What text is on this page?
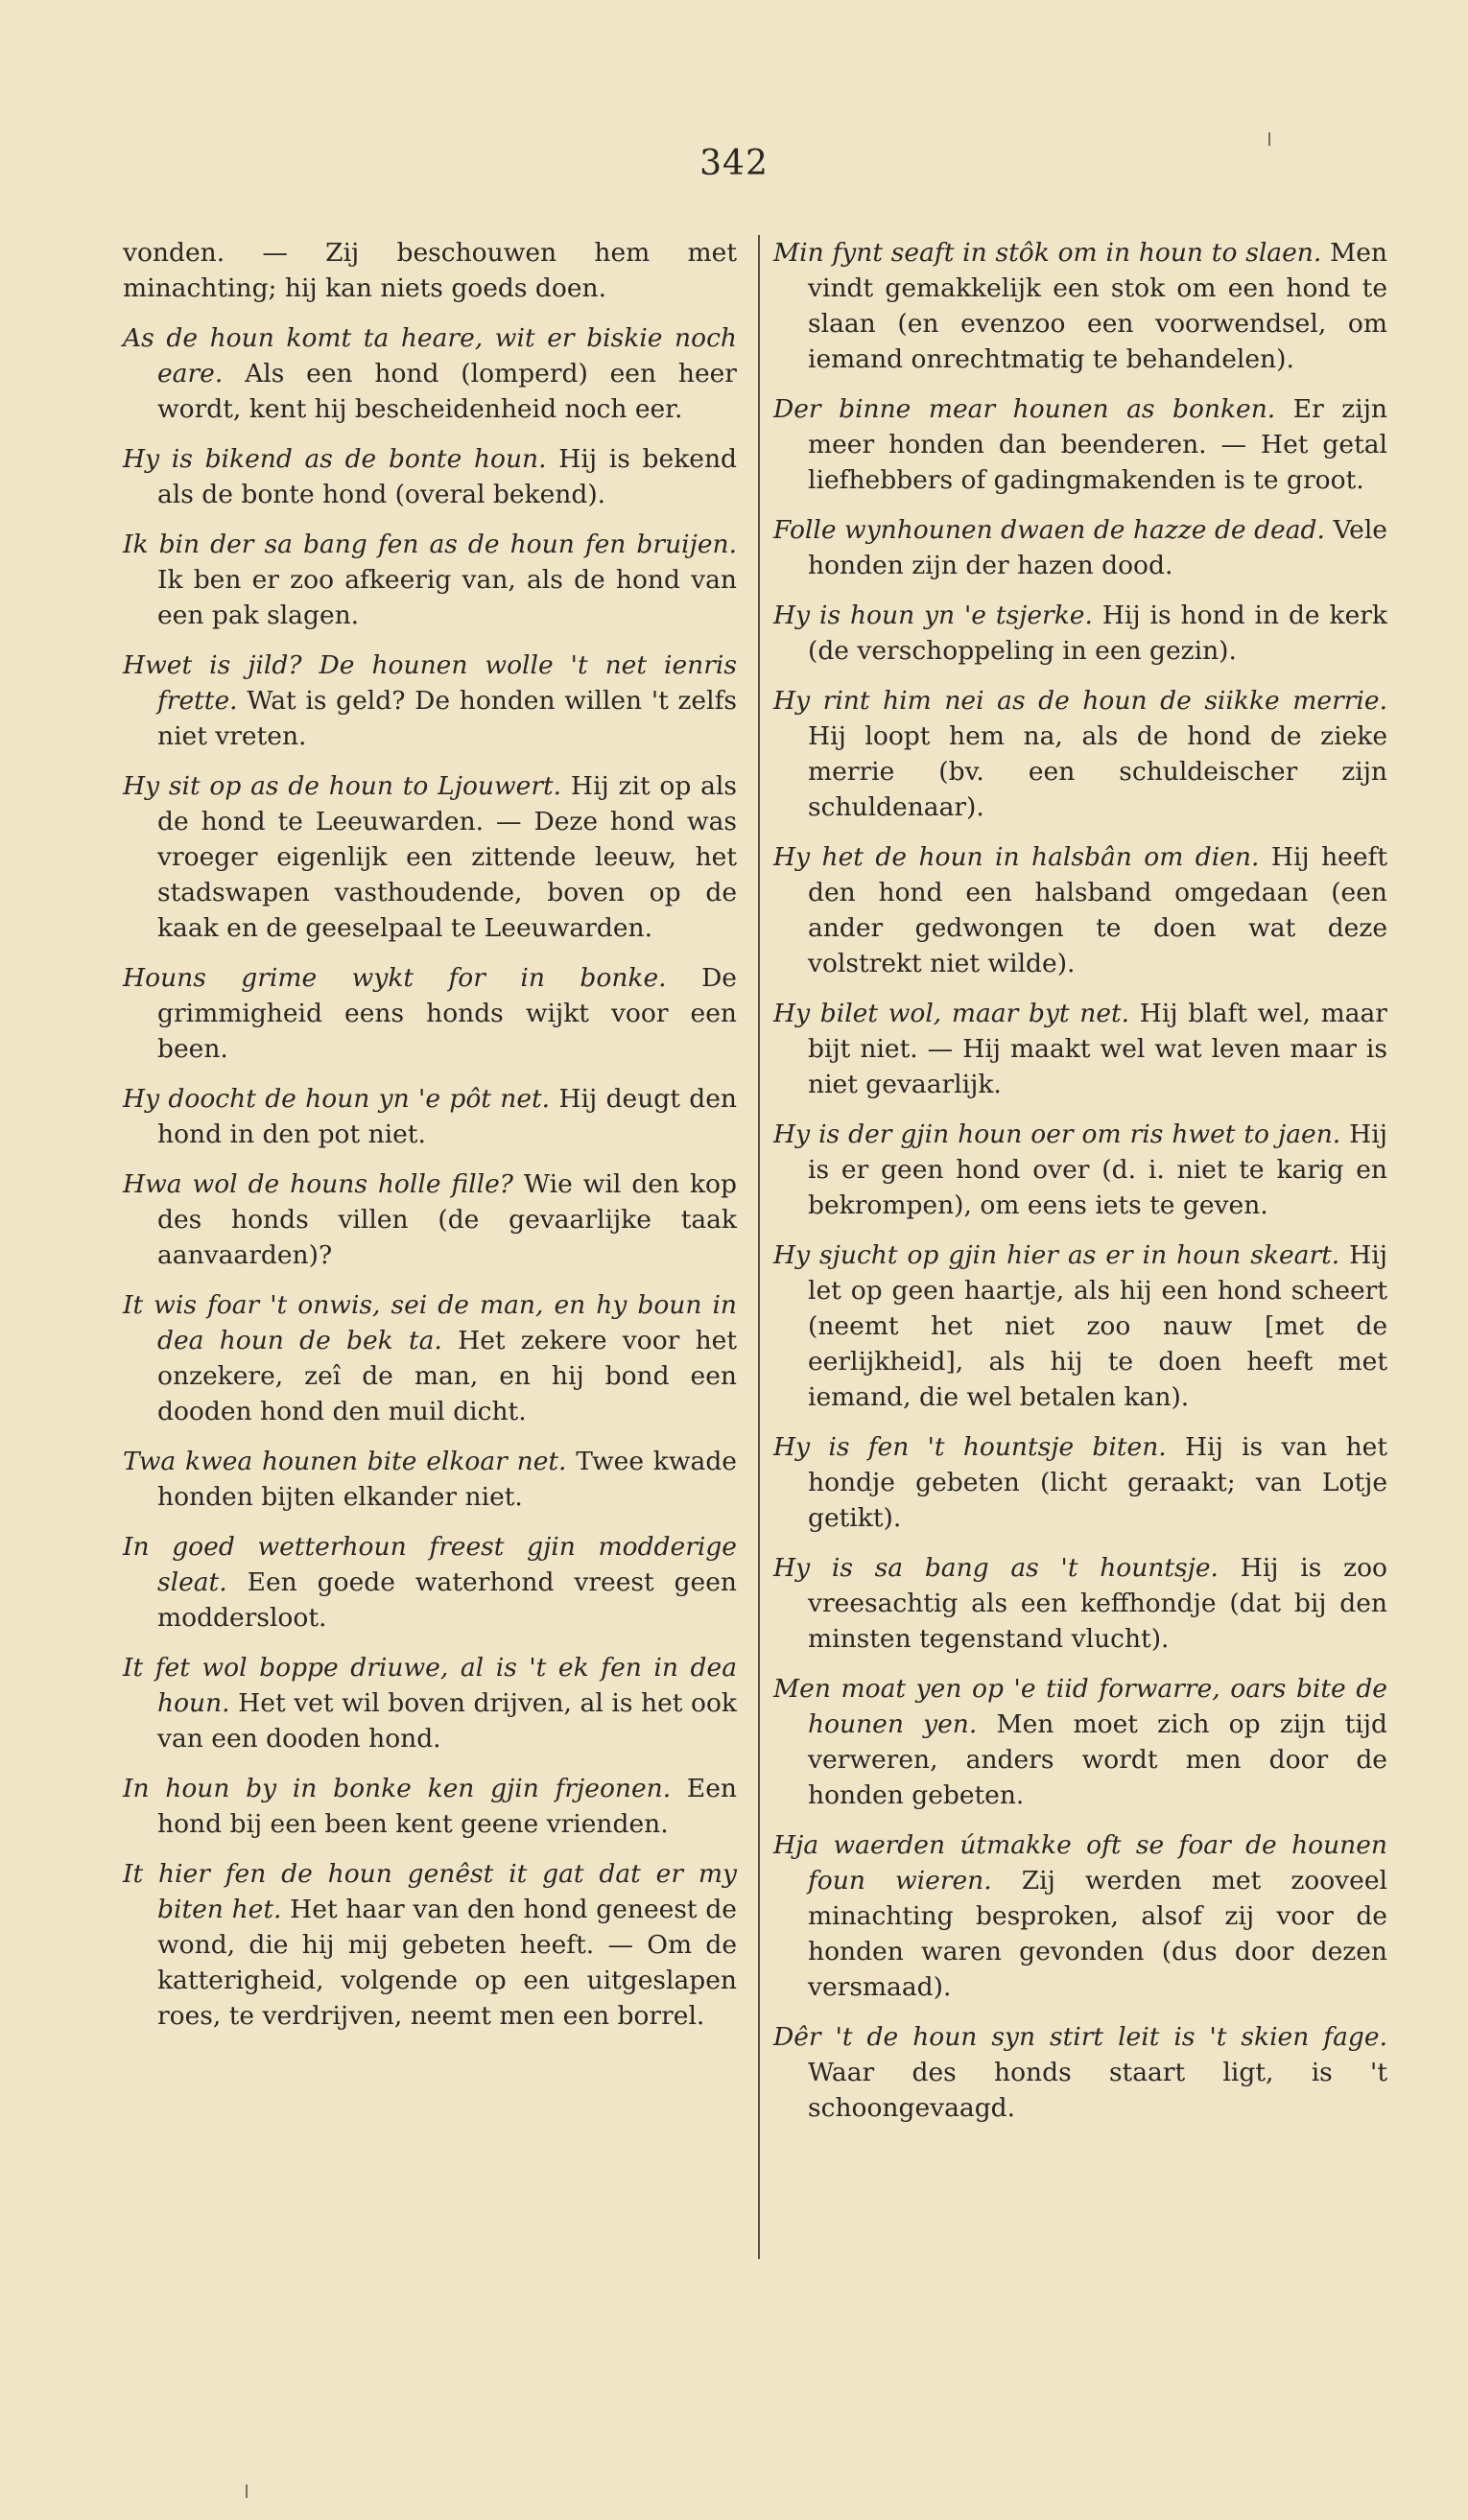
342

vonden. — Zij beschouwen hem met minachting; hij kan niets goeds doen.

As de houn komt ta heare, wit er biskie noch eare. Als een hond (lomperd) een heer wordt, kent hij bescheidenheid noch eer.

Hy is bikend as de bonte houn. Hij is bekend als de bonte hond (overal bekend).

Ik bin der sa bang fen as de houn fen bruijen. Ik ben er zoo afkeerig van, als de hond van een pak slagen.

Hwet is jild? De hounen wolle 't net ienris frette. Wat is geld? De honden willen 't zelfs niet vreten.

Hy sit op as de houn to Ljouwert. Hij zit op als de hond te Leeuwarden. — Deze hond was vroeger eigenlijk een zittende leeuw, het stadswapen vasthoudende, boven op de kaak en de geeselpaal te Leeuwarden.

Houns grime wykt for in bonke. De grimmigheid eens honds wijkt voor een been.

Hy doocht de houn yn 'e pôt net. Hij deugt den hond in den pot niet.

Hwa wol de houns holle fille? Wie wil den kop des honds villen (de gevaarlijke taak aanvaarden)?

It wis foar 't onwis, sei de man, en hy boun in dea houn de bek ta. Het zekere voor het onzekere, zeî de man, en hij bond een dooden hond den muil dicht.

Twa kwea hounen bite elkoar net. Twee kwade honden bijten elkander niet.

In goed wetterhoun freest gjin modderige sleat. Een goede waterhond vreest geen moddersloot.

It fet wol boppe driuwe, al is 't ek fen in dea houn. Het vet wil boven drijven, al is het ook van een dooden hond.

In houn by in bonke ken gjin frjeonen. Een hond bij een been kent geene vrienden.

It hier fen de houn genêst it gat dat er my biten het. Het haar van den hond geneest de wond, die hij mij gebeten heeft. — Om de katterigheid, volgende op een uitgeslapen roes, te verdrijven, neemt men een borrel.

Min fynt seaft in stôk om in houn to slaen. Men vindt gemakkelijk een stok om een hond te slaan (en evenzoo een voorwendsel, om iemand onrechtmatig te behandelen).

Der binne mear hounen as bonken. Er zijn meer honden dan beenderen. — Het getal liefhebbers of gadingmakenden is te groot.

Folle wynhounen dwaen de hazze de dead. Vele honden zijn der hazen dood.

Hy is houn yn 'e tsjerke. Hij is hond in de kerk (de verschoppeling in een gezin).

Hy rint him nei as de houn de siikke merrie. Hij loopt hem na, als de hond de zieke merrie (bv. een schuldeischer zijn schuldenaar).

Hy het de houn in halsbân om dien. Hij heeft den hond een halsband omgedaan (een ander gedwongen te doen wat deze volstrekt niet wilde).

Hy bilet wol, maar byt net. Hij blaft wel, maar bijt niet. — Hij maakt wel wat leven maar is niet gevaarlijk.

Hy is der gjin houn oer om ris hwet to jaen. Hij is er geen hond over (d. i. niet te karig en bekrompen), om eens iets te geven.

Hy sjucht op gjin hier as er in houn skeart. Hij let op geen haartje, als hij een hond scheert (neemt het niet zoo nauw [met de eerlijkheid], als hij te doen heeft met iemand, die wel betalen kan).

Hy is fen 't hountsje biten. Hij is van het hondje gebeten (licht geraakt; van Lotje getikt).

Hy is sa bang as 't hountsje. Hij is zoo vreesachtig als een keffhondje (dat bij den minsten tegenstand vlucht).

Men moat yen op 'e tiid forwarre, oars bite de hounen yen. Men moet zich op zijn tijd verweren, anders wordt men door de honden gebeten.

Hja waerden útmakke oft se foar de hounen foun wieren. Zij werden met zooveel minachting besproken, alsof zij voor de honden waren gevonden (dus door dezen versmaad).

Dêr 't de houn syn stirt leit is 't skien fage. Waar des honds staart ligt, is 't schoongevaagd.
